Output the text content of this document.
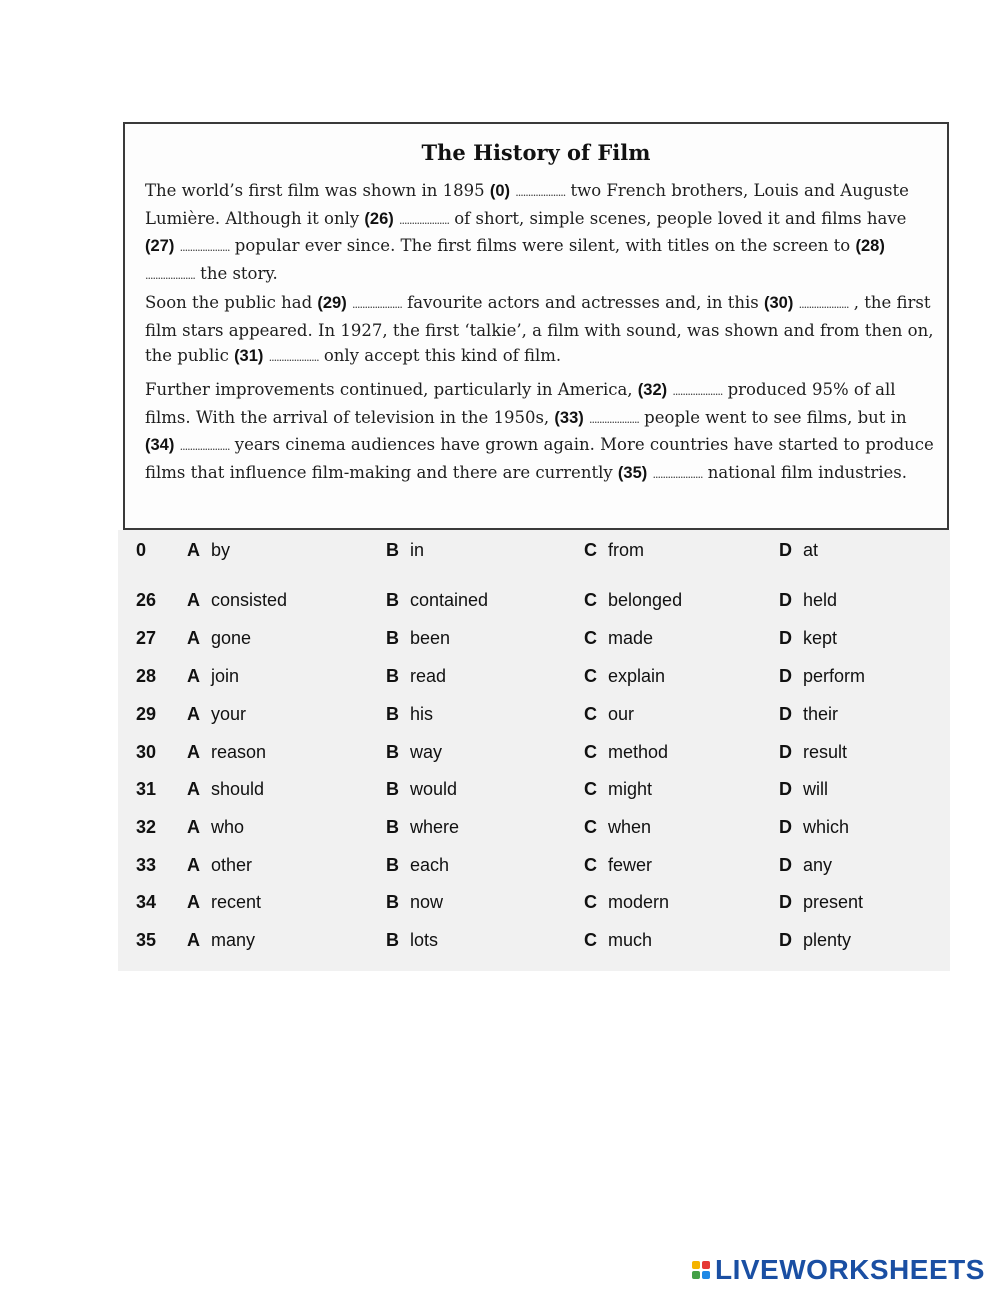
The History of Film
The world’s first film was shown in 1895 (0) .................... two French brothers, Louis and Auguste Lumière. Although it only (26) .................... of short, simple scenes, people loved it and films have (27) .................... popular ever since. The first films were silent, with titles on the screen to (28) .................... the story.
Soon the public had (29) .................... favourite actors and actresses and, in this (30) .................... , the first film stars appeared. In 1927, the first ‘talkie’, a film with sound, was shown and from then on, the public (31) .................... only accept this kind of film.
Further improvements continued, particularly in America, (32) .................... produced 95% of all films. With the arrival of television in the 1950s, (33) .................... people went to see films, but in (34) .................... years cinema audiences have grown again. More countries have started to produce films that influence film-making and there are currently (35) .................... national film industries.
0	A by	B in	C from	D at
26	A consisted	B contained	C belonged	D held
27	A gone	B been	C made	D kept
28	A join	B read	C explain	D perform
29	A your	B his	C our	D their
30	A reason	B way	C method	D result
31	A should	B would	C might	D will
32	A who	B where	C when	D which
33	A other	B each	C fewer	D any
34	A recent	B now	C modern	D present
35	A many	B lots	C much	D plenty
LIVEWORKSHEETS
